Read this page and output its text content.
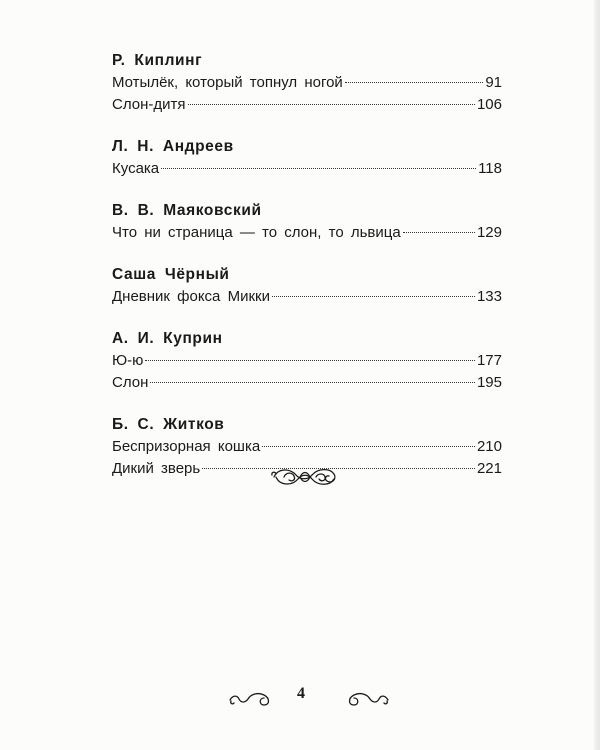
Р. Киплинг
Мотылёк, который топнул ногой	91
Слон-дитя	106
Л. Н. Андреев
Кусака	118
В. В. Маяковский
Что ни страница — то слон, то львица	129
Саша Чёрный
Дневник фокса Микки	133
А. И. Куприн
Ю-ю	177
Слон	195
Б. С. Житков
Беспризорная кошка	210
Дикий зверь	221
4
